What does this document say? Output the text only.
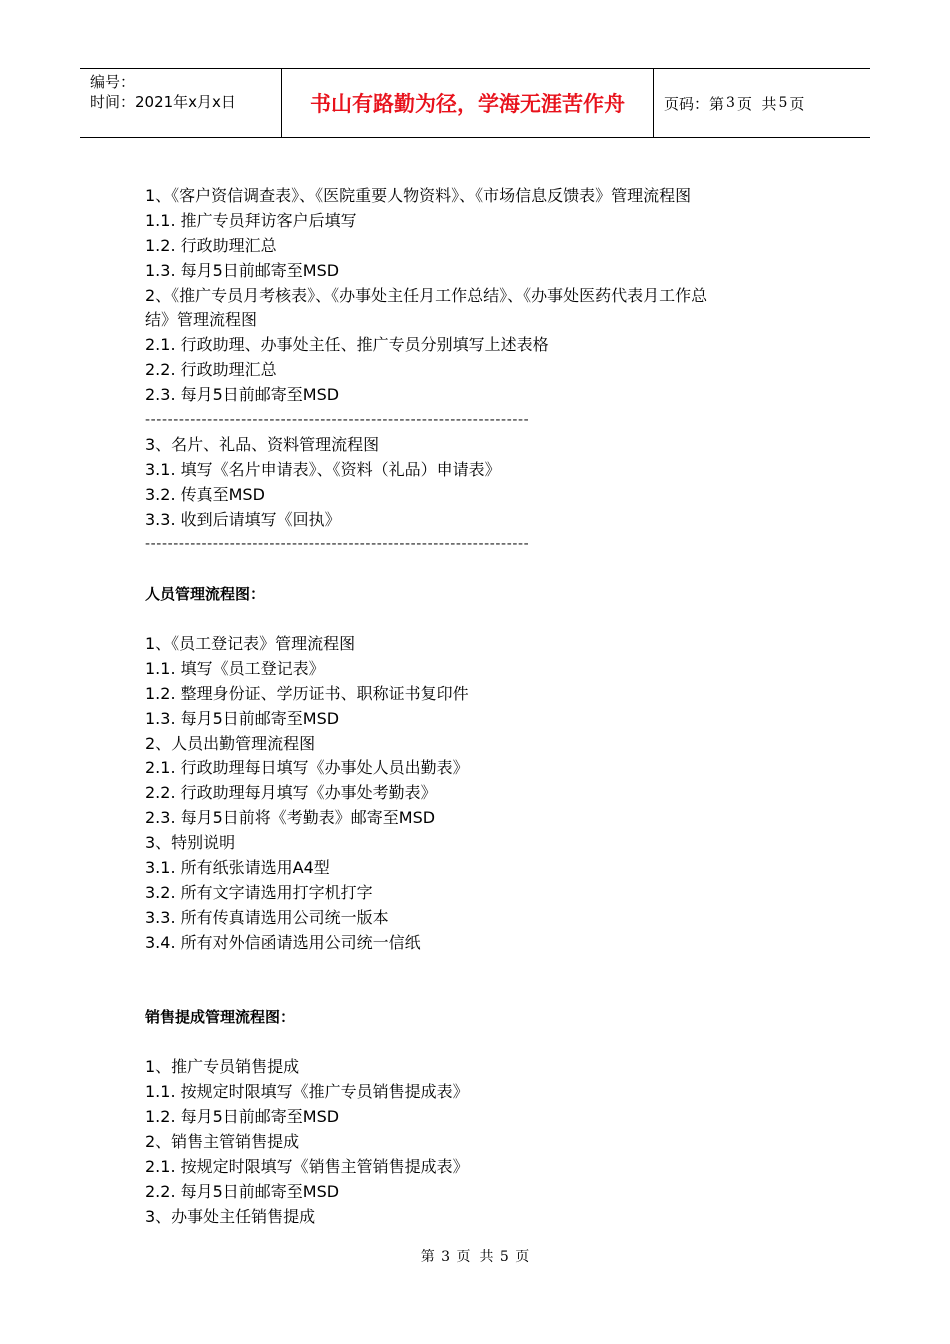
编号：
时间：2021年x月x日	书山有路勤为径，学海无涯苦作舟	页码：第 3 页  共 5 页
1、《客户资信调查表》、《医院重要人物资料》、《市场信息反馈表》管理流程图
1.1. 推广专员拜访客户后填写
1.2. 行政助理汇总
1.3. 每月5日前邮寄至MSD
2、《推广专员月考核表》、《办事处主任月工作总结》、《办事处医药代表月工作总
结》管理流程图
2.1. 行政助理、办事处主任、推广专员分别填写上述表格
2.2. 行政助理汇总
2.3. 每月5日前邮寄至MSD
--------------------------------------------------------------------
3、名片、礼品、资料管理流程图
3.1. 填写《名片申请表》、《资料（礼品）申请表》
3.2. 传真至MSD
3.3. 收到后请填写《回执》
--------------------------------------------------------------------
人员管理流程图：
1、《员工登记表》管理流程图
1.1. 填写《员工登记表》
1.2. 整理身份证、学历证书、职称证书复印件
1.3. 每月5日前邮寄至MSD
2、人员出勤管理流程图
2.1. 行政助理每日填写《办事处人员出勤表》
2.2. 行政助理每月填写《办事处考勤表》
2.3. 每月5日前将《考勤表》邮寄至MSD
3、特别说明
3.1. 所有纸张请选用A4型
3.2. 所有文字请选用打字机打字
3.3. 所有传真请选用公司统一版本
3.4. 所有对外信函请选用公司统一信纸
销售提成管理流程图：
1、推广专员销售提成
1.1. 按规定时限填写《推广专员销售提成表》
1.2. 每月5日前邮寄至MSD
2、销售主管销售提成
2.1. 按规定时限填写《销售主管销售提成表》
2.2. 每月5日前邮寄至MSD
3、办事处主任销售提成
第 3 页  共 5 页
